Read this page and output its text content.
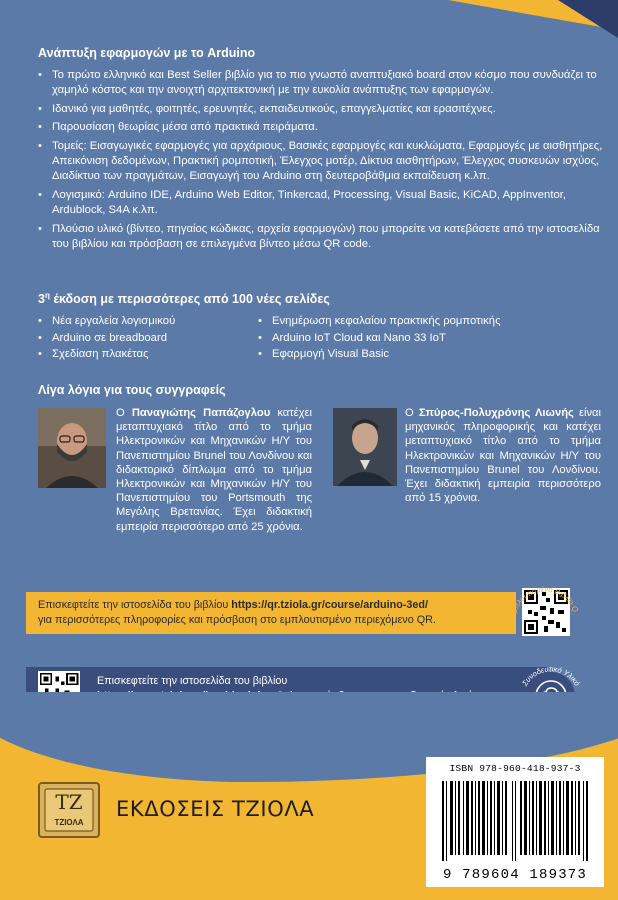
Ανάπτυξη εφαρμογών με το Arduino
• Το πρώτο ελληνικό και Best Seller βιβλίο για το πιο γνωστό αναπτυξιακό board στον κόσμο που συνδυάζει το χαμηλό κόστος και την ανοιχτή αρχιτεκτονική με την ευκολία ανάπτυξης των εφαρμογών.
• Ιδανικό για μαθητές, φοιτητές, ερευνητές, εκπαιδευτικούς, επαγγελματίες και ερασιτέχνες.
• Παρουσίαση θεωρίας μέσα από πρακτικά πειράματα.
• Τομείς: Εισαγωγικές εφαρμογές για αρχάριους, Βασικές εφαρμογές και κυκλώματα, Εφαρμογές με αισθητήρες, Απεικόνιση δεδομένων, Πρακτική ρομποτική, Έλεγχος μοτέρ, Δίκτυα αισθητήρων, Έλεγχος συσκευών ισχύος, Διαδίκτυο των πραγμάτων, Εισαγωγή του Arduino στη δευτεροβάθμια εκπαίδευση κ.λπ.
• Λογισμικό: Arduino IDE, Arduino Web Editor, Tinkercad, Processing, Visual Basic, KiCAD, AppInventor, Ardublock, S4A κ.λπ.
• Πλούσιο υλικό (βίντεο, πηγαίος κώδικας, αρχεία εφαρμογών) που μπορείτε να κατεβάσετε από την ιστοσελίδα του βιβλίου και πρόσβαση σε επιλεγμένα βίντεο μέσω QR code.
$3^\eta$ έκδοση με περισσότερες από 100 νέες σελίδες
• Νέα εργαλεία λογισμικού
• Arduino σε breadboard
• Σχεδίαση πλακέτας
• Ενημέρωση κεφαλαίου πρακτικής ρομποτικής
• Arduino IoT Cloud και Nano 33 IoT
• Εφαρμογή Visual Basic
Λίγα λόγια για τους συγγραφείς
Ο Παναγιώτης Παπάζογλου κατέχει μεταπτυχιακό τίτλο από το τμήμα Ηλεκτρονικών και Μηχανικών Η/Υ του Πανεπιστημίου Brunel του Λονδίνου και διδακτορικό δίπλωμα από το τμήμα Ηλεκτρονικών και Μηχανικών Η/Υ του Πανεπιστημίου του Portsmouth της Μεγάλης Βρετανίας. Έχει διδακτική εμπειρία περισσότερο από 25 χρόνια.
Ο Σπύρος-Πολυχρόνης Λιωνής είναι μηχανικός πληροφορικής και κατέχει μεταπτυχιακό τίτλο από το τμήμα Ηλεκτρονικών και Μηχανικών Η/Υ του Πανεπιστημίου Brunel του Λονδίνου. Έχει διδακτική εμπειρία περισσότερο από 15 χρόνια.
Επισκεφτείτε την ιστοσελίδα του βιβλίου https://qr.tziola.gr/course/arduino-3ed/
για περισσότερες πληροφορίες και πρόσβαση στο εμπλουτισμένο περιεχόμενο QR.
μπλουτισμένο Βιβλίο Q
Επισκεφτείτε την ιστοσελίδα του βιβλίου	Συνοδευτικό Υλικό
TZ
ΤΖΙΟΛΑ
ΕΚΔΟΣΕΙΣ ΤΖΙΟΛΑ
ISBN 978-960-418-937-3
9 789604 189373
